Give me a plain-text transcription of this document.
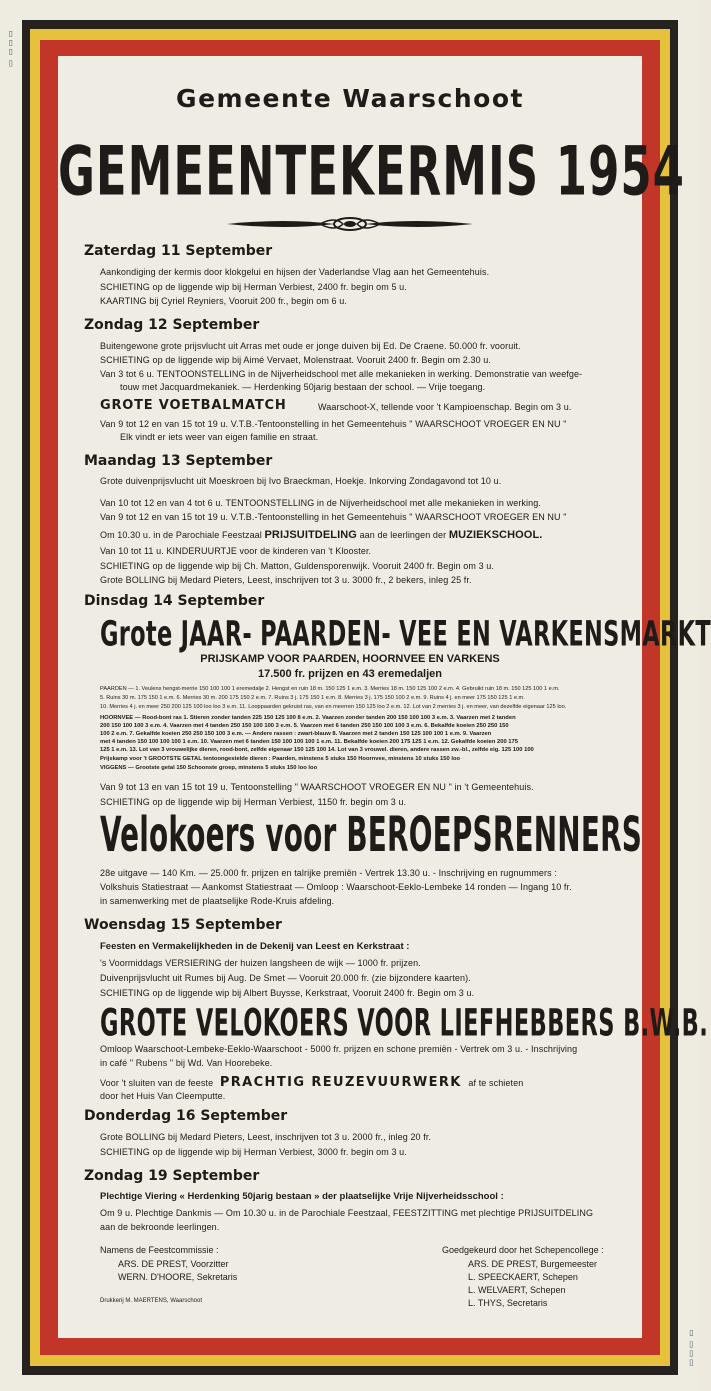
▯ ▯▯▯
▯ ▯▯▯
Gemeente Waarschoot
GEMEENTEKERMIS 1954
Zaterdag 11 September
Aankondiging der kermis door klokgelui en hijsen der Vaderlandse Vlag aan het Gemeentehuis.
SCHIETING op de liggende wip bij Herman Verbiest, 2400 fr. begin om 5 u.
KAARTING bij Cyriel Reyniers, Vooruit 200 fr., begin om 6 u.
Zondag 12 September
Buitengewone grote prijsvlucht uit Arras met oude er jonge duiven bij Ed. De Craene. 50.000 fr. vooruit.
SCHIETING op de liggende wip bij Aimé Vervaet, Molenstraat. Vooruit 2400 fr. Begin om 2.30 u.
Van 3 tot 6 u. TENTOONSTELLING in de Nijverheidschool met alle mekanieken in werking. Demonstratie van weefge-
touw met Jacquardmekaniek. — Herdenking 50jarig bestaan der school. — Vrije toegang.
GROTE VOETBALMATCH	Waarschoot-X, tellende voor 't Kampioenschap. Begin om 3 u.
Van 9 tot 12 en van 15 tot 19 u. V.T.B.-Tentoonstelling in het Gemeentehuis " WAARSCHOOT VROEGER EN NU "
Elk vindt er iets weer van eigen familie en straat.
Maandag 13 September
Grote duivenprijsvlucht uit Moeskroen bij Ivo Braeckman, Hoekje. Inkorving Zondagavond tot 10 u.
Van 10 tot 12 en van 4 tot 6 u. TENTOONSTELLING in de Nijverheidschool met alle mekanieken in werking.
Van 9 tot 12 en van 15 tot 19 u. V.T.B.-Tentoonstelling in het Gemeentehuis " WAARSCHOOT VROEGER EN NU "
Om 10.30 u. in de Parochiale Feestzaal PRIJSUITDELING aan de leerlingen der MUZIEKSCHOOL.
Van 10 tot 11 u. KINDERUURTJE voor de kinderen van 't Klooster.
SCHIETING op de liggende wip bij Ch. Matton, Guldensporenwijk. Vooruit 2400 fr. Begin om 3 u.
Grote BOLLING bij Medard Pieters, Leest, inschrijven tot 3 u. 3000 fr., 2 bekers, inleg 25 fr.
Dinsdag 14 September
Grote JAAR- PAARDEN- VEE EN VARKENSMARKT
PRIJSKAMP VOOR PAARDEN, HOORNVEE EN VARKENS
17.500 fr. prijzen en 43 eremedaljen
PAARDEN — 1. Veulens hengst-merrie 150 100 100 1 eremedalje 2. Hengst en ruin 18 m. 150 125 1 e.m. 3. Merries 18 m. 150 125 100 2 e.m. 4. Gebruikt ruin 18 m. 150 125 100 1 e.m.
5. Ruins 30 m. 175 150 1 e.m. 6. Merries 30 m. 200 175 150 2 e.m. 7. Ruins 3 j. 175 150 1 e.m. 8. Merries 3 j. 175 150 100 2 e.m. 9. Ruins 4 j. en meer 175 150 125 1 e.m.
10. Merries 4 j. en meer 250 200 125 100 loo loo 3 e.m. 11. Looppaarden gekruist ras, van en meerren 150 125 loo 2 e.m. 12. Lot van 2 merries 3 j. en meer, van dezelfde eigenaar 125 loo.
HOORNVEE — Rood-bont ras 1. Stieren zonder tanden 225 150 125 100 8 e.m. 2. Vaarzen zonder tanden 200 150 100 100 3 e.m. 3. Vaarzen met 2 tanden
200 150 100 100 3 e.m. 4. Vaarzen met 4 tanden 250 150 100 100 3 e.m. 5. Vaarzen met 6 tanden 250 150 100 100 3 e.m. 6. Bekalfde koeien 250 250 150
100 2 e.m. 7. Gekalfde koeien 250 250 150 100 3 e.m. — Andere rassen : zwart-blauw 8. Vaarzen met 2 tanden 150 125 100 100 1 e.m. 9. Vaarzen
met 4 tanden 150 100 100 100 1 e.m. 10. Vaarzen met 6 tanden 150 100 100 100 1 e.m. 11. Bekalfde koeien 200 175 125 1 e.m. 12. Gekalfde koeien 200 175
125 1 e.m. 13. Lot van 3 vrouwelijke dieren, rood-bont, zelfde eigenaar 150 125 100 14. Lot van 3 vrouwel. dieren, andere rassen zw.-bl., zelfde eig. 125 100 100
Prijskamp voor 't GROOTSTE GETAL tentoongestelde dieren : Paarden, minstens 5 stuks 150 Hoornvee, minstens 10 stuks 150 loo
VIGGENS — Grootste getal 150 Schoonste groep, minstens 5 stuks 150 loo loo
Van 9 tot 13 en van 15 tot 19 u. Tentoonstelling " WAARSCHOOT VROEGER EN NU " in 't Gemeentehuis.
SCHIETING op de liggende wip bij Herman Verbiest, 1150 fr. begin om 3 u.
Velokoers voor BEROEPSRENNERS
28e uitgave — 140 Km. — 25.000 fr. prijzen en talrijke premiën - Vertrek 13.30 u. - Inschrijving en rugnummers :
Volkshuis Statiestraat — Aankomst Statiestraat — Omloop : Waarschoot-Eeklo-Lembeke 14 ronden — Ingang 10 fr.
in samenwerking met de plaatselijke Rode-Kruis afdeling.
Woensdag 15 September
Feesten en Vermakelijkheden in de Dekenij van Leest en Kerkstraat :
's Voormiddags VERSIERING der huizen langsheen de wijk — 1000 fr. prijzen.
Duivenprijsvlucht uit Rumes bij Aug. De Smet — Vooruit 20.000 fr. (zie bijzondere kaarten).
SCHIETING op de liggende wip bij Albert Buysse, Kerkstraat, Vooruit 2400 fr. Begin om 3 u.
GROTE VELOKOERS VOOR LIEFHEBBERS B.W.B.
Omloop Waarschoot-Lembeke-Eeklo-Waarschoot - 5000 fr. prijzen en schone premiën - Vertrek om 3 u. - Inschrijving
in café " Rubens " bij Wd. Van Hoorebeke.
Voor 't sluiten van de feeste PRACHTIG REUZEVUURWERK af te schieten
door het Huis Van Cleemputte.
Donderdag 16 September
Grote BOLLING bij Medard Pieters, Leest, inschrijven tot 3 u. 2000 fr., inleg 20 fr.
SCHIETING op de liggende wip bij Herman Verbiest, 3000 fr. begin om 3 u.
Zondag 19 September
Plechtige Viering « Herdenking 50jarig bestaan » der plaatselijke Vrije Nijverheidsschool :
Om 9 u. Plechtige Dankmis — Om 10.30 u. in de Parochiale Feestzaal, FEESTZITTING met plechtige PRIJSUITDELING
aan de bekroonde leerlingen.
Namens de Feestcommissie :
ARS. DE PREST, Voorzitter
WERN. D'HOORE, Sekretaris
Goedgekeurd door het Schepencollege :
ARS. DE PREST, Burgemeester
L. SPEECKAERT, Schepen
L. WELVAERT, Schepen
L. THYS, Secretaris
Drukkerij M. MAERTENS, Waarschoot
